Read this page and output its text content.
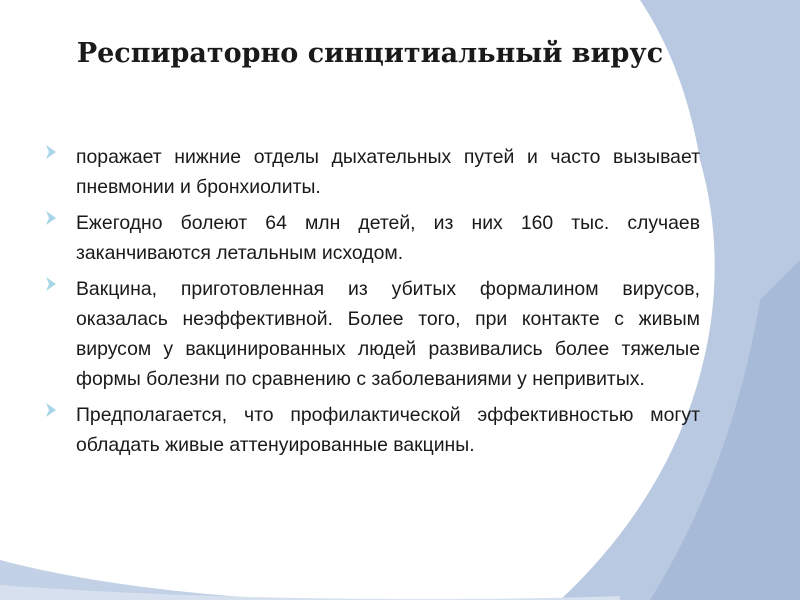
Респираторно синцитиальный вирус
поражает нижние отделы дыхательных путей и часто вызывает пневмонии и бронхиолиты.
Ежегодно болеют 64 млн детей, из них 160 тыс. случаев заканчиваются летальным исходом.
Вакцина, приготовленная из убитых формалином вирусов, оказалась неэффективной. Более того, при контакте с живым вирусом у вакцинированных людей развивались более тяжелые формы болезни по сравнению с заболеваниями у непривитых.
Предполагается, что профилактической эффективностью могут обладать живые аттенуированные вакцины.
